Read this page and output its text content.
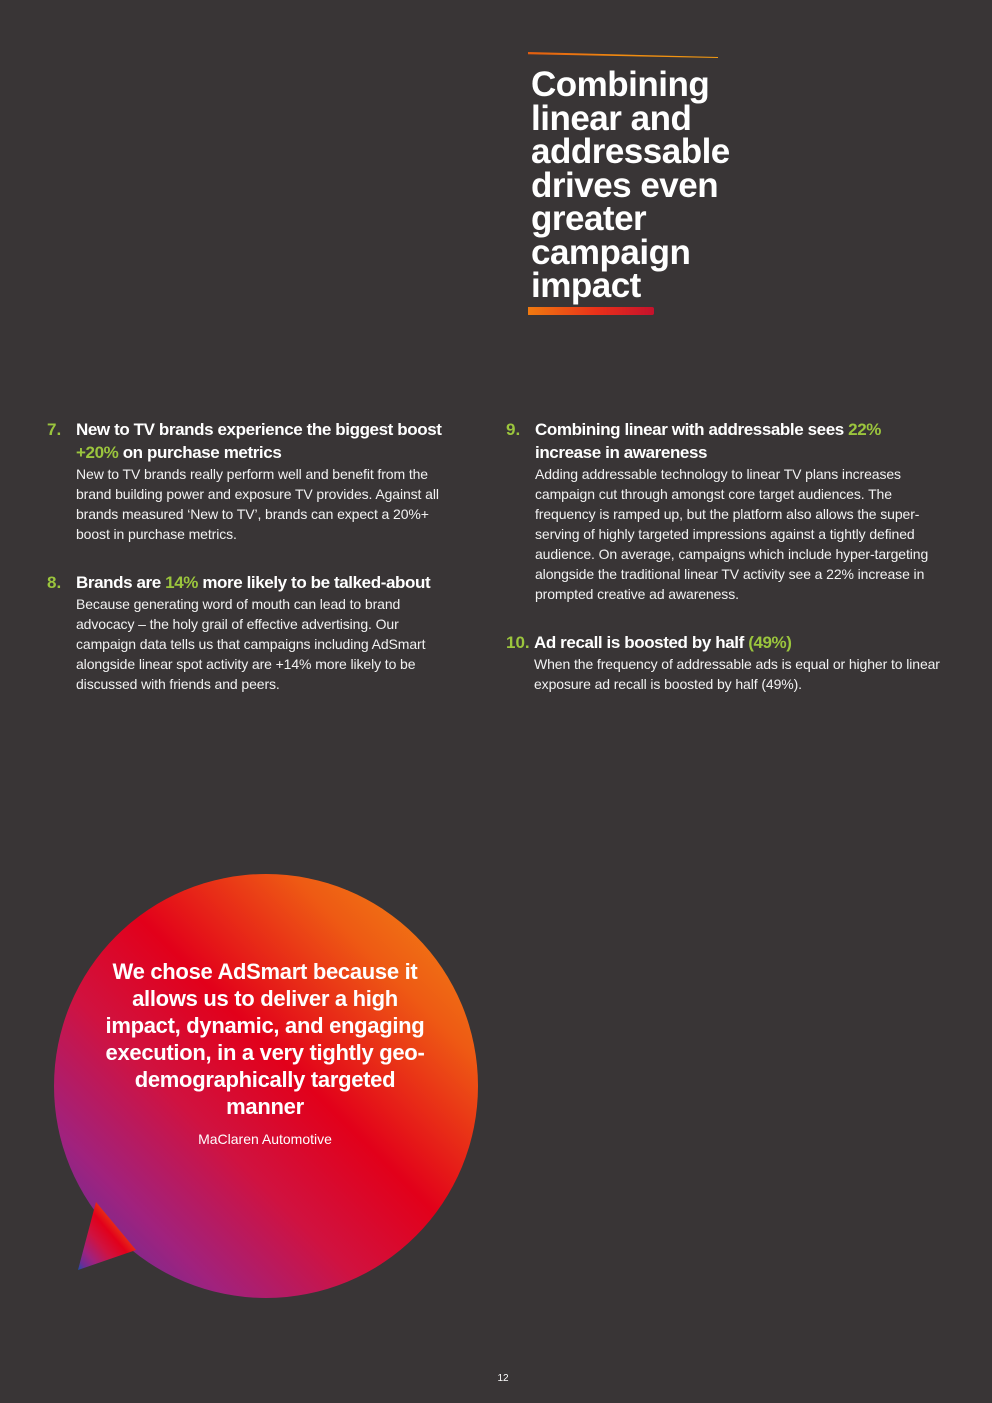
Combining
linear and
addressable
drives even
greater
campaign
impact
7. New to TV brands experience the biggest boost
+20% on purchase metrics

New to TV brands really perform well and benefit from the brand building power and exposure TV provides. Against all brands measured ‘New to TV’, brands can expect a 20%+ boost in purchase metrics.

8. Brands are 14% more likely to be talked-about

Because generating word of mouth can lead to brand advocacy – the holy grail of effective advertising. Our campaign data tells us that campaigns including AdSmart alongside linear spot activity are +14% more likely to be discussed with friends and peers.

9. Combining linear with addressable sees 22%
increase in awareness

Adding addressable technology to linear TV plans increases campaign cut through amongst core target audiences. The frequency is ramped up, but the platform also allows the super-serving of highly targeted impressions against a tightly defined audience. On average, campaigns which include hyper-targeting alongside the traditional linear TV activity see a 22% increase in prompted creative ad awareness.

10. Ad recall is boosted by half (49%)

When the frequency of addressable ads is equal or higher to linear exposure ad recall is boosted by half (49%).

We chose AdSmart because it allows us to deliver a high impact, dynamic, and engaging execution, in a very tightly geo-demographically targeted manner

MaClaren Automotive
12
